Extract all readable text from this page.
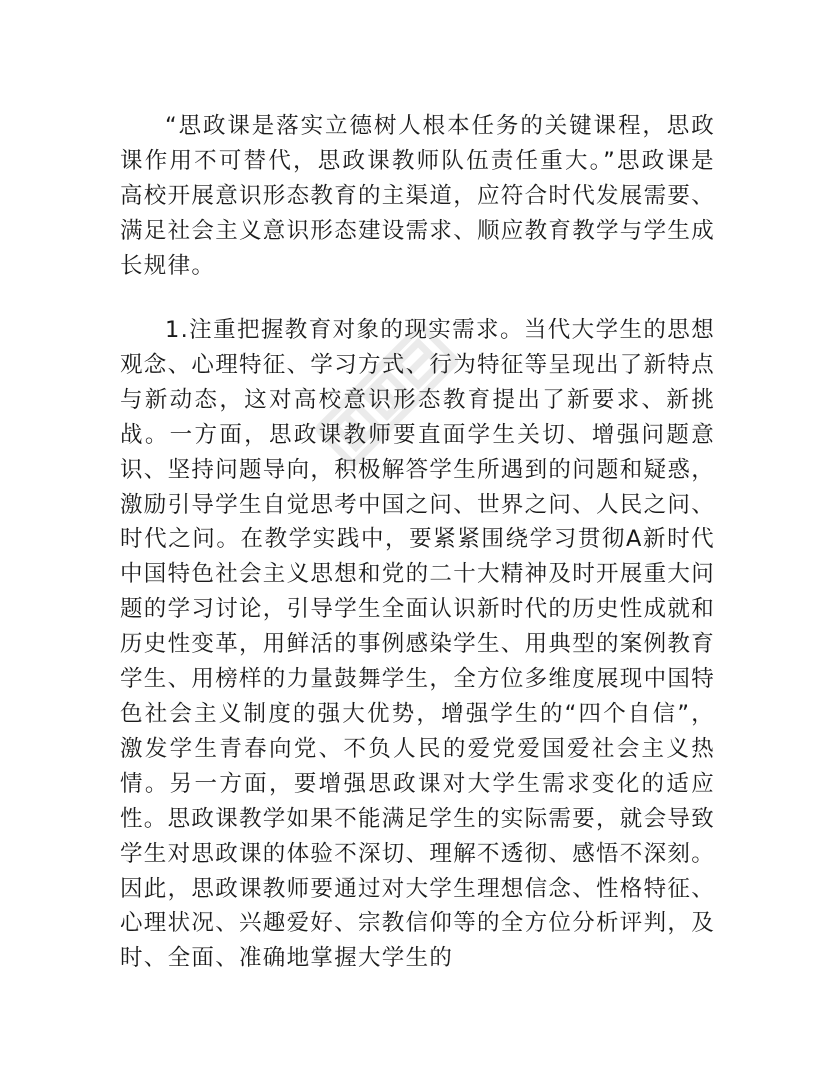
“思政课是落实立德树人根本任务的关键课程，思政课作用不可替代，思政课教师队伍责任重大。”思政课是高校开展意识形态教育的主渠道，应符合时代发展需要、满足社会主义意识形态建设需求、顺应教育教学与学生成长规律。

1.注重把握教育对象的现实需求。当代大学生的思想观念、心理特征、学习方式、行为特征等呈现出了新特点与新动态，这对高校意识形态教育提出了新要求、新挑战。一方面，思政课教师要直面学生关切、增强问题意识、坚持问题导向，积极解答学生所遇到的问题和疑惑，激励引导学生自觉思考中国之问、世界之问、人民之问、时代之问。在教学实践中，要紧紧围绕学习贯彻A新时代中国特色社会主义思想和党的二十大精神及时开展重大问题的学习讨论，引导学生全面认识新时代的历史性成就和历史性变革，用鲜活的事例感染学生、用典型的案例教育学生、用榜样的力量鼓舞学生，全方位多维度展现中国特色社会主义制度的强大优势，增强学生的“四个自信”，激发学生青春向党、不负人民的爱党爱国爱社会主义热情。另一方面，要增强思政课对大学生需求变化的适应性。思政课教学如果不能满足学生的实际需要，就会导致学生对思政课的体验不深切、理解不透彻、感悟不深刻。因此，思政课教师要通过对大学生理想信念、性格特征、心理状况、兴趣爱好、宗教信仰等的全方位分析评判，及时、全面、准确地掌握大学生的
